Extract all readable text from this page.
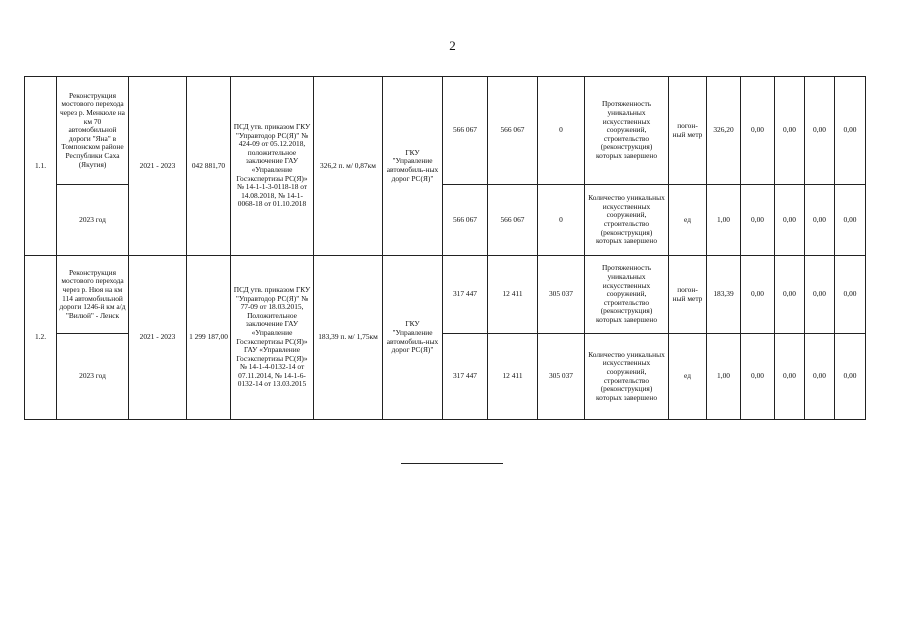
2
1.1.	Реконструкция мостового перехода через р. Менкюле на км 70 автомобильной дороги "Яна" в Томпонском районе Республики Саха (Якутия)	2021 - 2023	042 881,70	ПСД утв. приказом ГКУ "Управтодор РС(Я)" № 424-09 от 05.12.2018, положительное заключение ГАУ «Управление Госэкспертизы РС(Я)» № 14-1-1-3-0118-18 от 14.08.2018, № 14-1-0068-18 от 01.10.2018	326,2 п. м/ 0,87км	ГКУ "Управление автомобиль-ных дорог РС(Я)"	566 067	566 067	0	Протяженность уникальных искусственных сооружений, строительство (реконструкция) которых завершено	погон-ный метр	326,20	0,00	0,00	0,00	0,00
	2023 год						566 067	566 067	0	Количество уникальных искусственных сооружений, строительство (реконструкция) которых завершено	ед	1,00	0,00	0,00	0,00	0,00
1.2.	Реконструкция мостового перехода через р. Нюя на км 114 автомобильной дороги 1246-й км а/д "Вилюй" - Ленск	2021 - 2023	1 299 187,00	ПСД утв. приказом ГКУ "Управтодор РС(Я)" № 77-09 от 18.03.2015, Положительное заключение ГАУ «Управление Госэкспертизы РС(Я)» ГАУ «Управление Госэкспертизы РС(Я)» № 14-1-4-0132-14 от 07.11.2014, № 14-1-6-0132-14 от 13.03.2015	183,39 п. м/ 1,75км	ГКУ "Управление автомобиль-ных дорог РС(Я)"	317 447	12 411	305 037	Протяженность уникальных искусственных сооружений, строительство (реконструкция) которых завершено	погон-ный метр	183,39	0,00	0,00	0,00	0,00
	2023 год						317 447	12 411	305 037	Количество уникальных искусственных сооружений, строительство (реконструкция) которых завершено	ед	1,00	0,00	0,00	0,00	0,00
